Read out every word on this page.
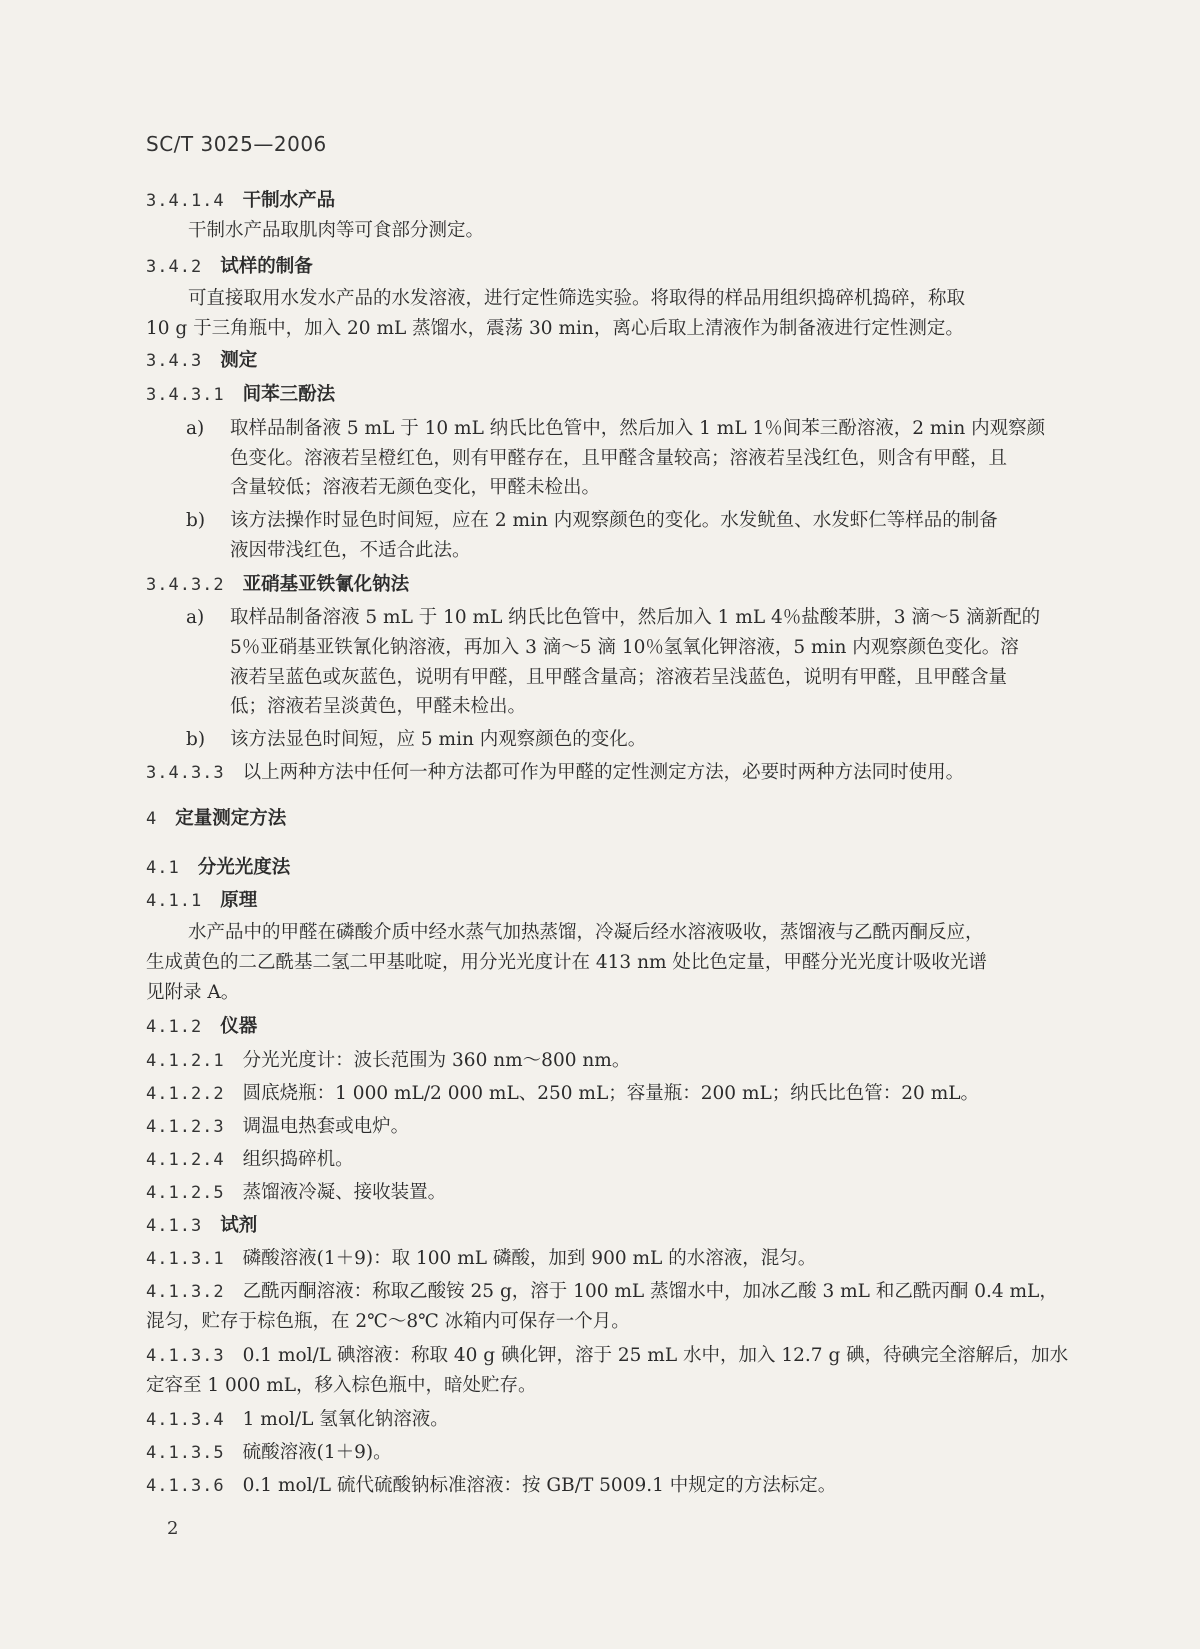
SC/T 3025—2006
3.4.1.4 干制水产品
干制水产品取肌肉等可食部分测定。
3.4.2 试样的制备
可直接取用水发水产品的水发溶液，进行定性筛选实验。将取得的样品用组织捣碎机捣碎，称取
10 g 于三角瓶中，加入 20 mL 蒸馏水，震荡 30 min，离心后取上清液作为制备液进行定性测定。
3.4.3 测定
3.4.3.1 间苯三酚法
a) 取样品制备液 5 mL 于 10 mL 纳氏比色管中，然后加入 1 mL 1％间苯三酚溶液，2 min 内观察颜
色变化。溶液若呈橙红色，则有甲醛存在，且甲醛含量较高；溶液若呈浅红色，则含有甲醛，且
含量较低；溶液若无颜色变化，甲醛未检出。
b) 该方法操作时显色时间短，应在 2 min 内观察颜色的变化。水发鱿鱼、水发虾仁等样品的制备
液因带浅红色，不适合此法。
3.4.3.2 亚硝基亚铁氰化钠法
a) 取样品制备溶液 5 mL 于 10 mL 纳氏比色管中，然后加入 1 mL 4％盐酸苯肼，3 滴～5 滴新配的
5％亚硝基亚铁氰化钠溶液，再加入 3 滴～5 滴 10％氢氧化钾溶液，5 min 内观察颜色变化。溶
液若呈蓝色或灰蓝色，说明有甲醛，且甲醛含量高；溶液若呈浅蓝色，说明有甲醛，且甲醛含量
低；溶液若呈淡黄色，甲醛未检出。
b) 该方法显色时间短，应 5 min 内观察颜色的变化。
3.4.3.3 以上两种方法中任何一种方法都可作为甲醛的定性测定方法，必要时两种方法同时使用。
4 定量测定方法
4.1 分光光度法
4.1.1 原理
水产品中的甲醛在磷酸介质中经水蒸气加热蒸馏，冷凝后经水溶液吸收，蒸馏液与乙酰丙酮反应，
生成黄色的二乙酰基二氢二甲基吡啶，用分光光度计在 413 nm 处比色定量，甲醛分光光度计吸收光谱
见附录 A。
4.1.2 仪器
4.1.2.1 分光光度计：波长范围为 360 nm～800 nm。
4.1.2.2 圆底烧瓶：1 000 mL/2 000 mL、250 mL；容量瓶：200 mL；纳氏比色管：20 mL。
4.1.2.3 调温电热套或电炉。
4.1.2.4 组织捣碎机。
4.1.2.5 蒸馏液冷凝、接收装置。
4.1.3 试剂
4.1.3.1 磷酸溶液(1＋9)：取 100 mL 磷酸，加到 900 mL 的水溶液，混匀。
4.1.3.2 乙酰丙酮溶液：称取乙酸铵 25 g，溶于 100 mL 蒸馏水中，加冰乙酸 3 mL 和乙酰丙酮 0.4 mL，
混匀，贮存于棕色瓶，在 2℃～8℃ 冰箱内可保存一个月。
4.1.3.3 0.1 mol/L 碘溶液：称取 40 g 碘化钾，溶于 25 mL 水中，加入 12.7 g 碘，待碘完全溶解后，加水
定容至 1 000 mL，移入棕色瓶中，暗处贮存。
4.1.3.4 1 mol/L 氢氧化钠溶液。
4.1.3.5 硫酸溶液(1＋9)。
4.1.3.6 0.1 mol/L 硫代硫酸钠标准溶液：按 GB/T 5009.1 中规定的方法标定。
2
